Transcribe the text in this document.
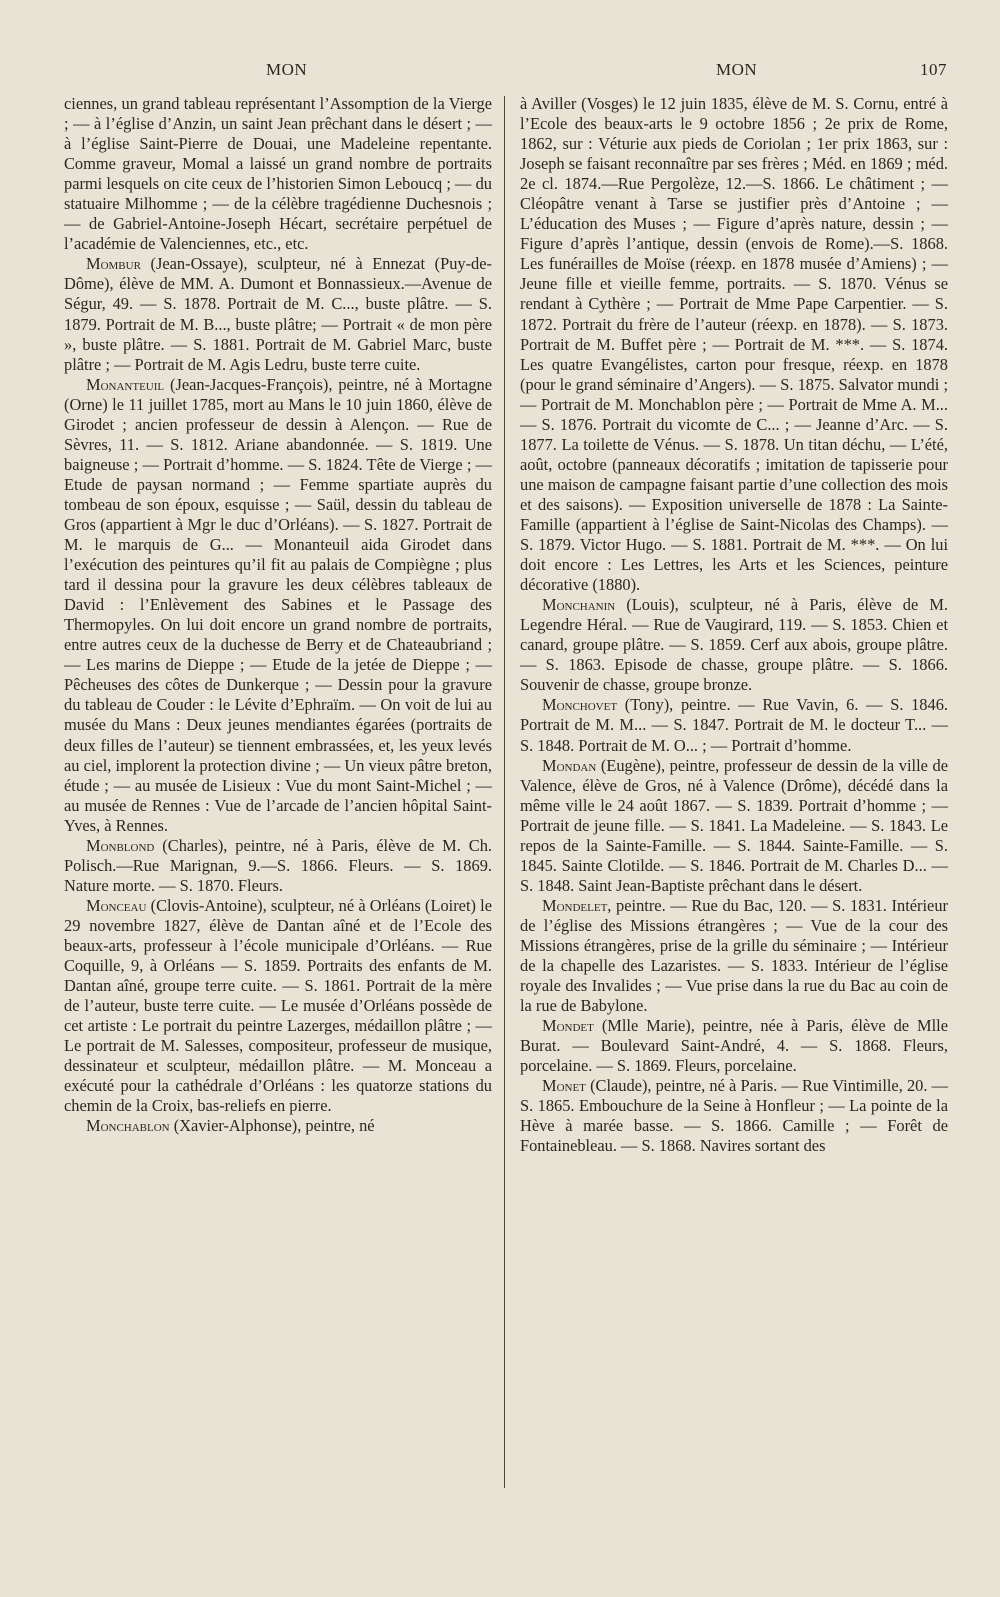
MON	MON	107

ciennes, un grand tableau représentant l’Assomption de la Vierge ; — à l’église d’Anzin, un saint Jean prêchant dans le désert ; — à l’église Saint-Pierre de Douai, une Madeleine repentante. Comme graveur, Momal a laissé un grand nombre de portraits parmi lesquels on cite ceux de l’historien Simon Leboucq ; — du statuaire Milhomme ; — de la célèbre tragédienne Duchesnois ; — de Gabriel-Antoine-Joseph Hécart, secrétaire perpétuel de l’académie de Valenciennes, etc., etc.

Mombur (Jean-Ossaye), sculpteur, né à Ennezat (Puy-de-Dôme), élève de MM. A. Dumont et Bonnassieux.—Avenue de Ségur, 49. — S. 1878. Portrait de M. C..., buste plâtre. — S. 1879. Portrait de M. B..., buste plâtre; — Portrait « de mon père », buste plâtre. — S. 1881. Portrait de M. Gabriel Marc, buste plâtre ; — Portrait de M. Agis Ledru, buste terre cuite.

Monanteuil (Jean-Jacques-François), peintre, né à Mortagne (Orne) le 11 juillet 1785, mort au Mans le 10 juin 1860, élève de Girodet ; ancien professeur de dessin à Alençon. — Rue de Sèvres, 11. — S. 1812. Ariane abandonnée. — S. 1819. Une baigneuse ; — Portrait d’homme. — S. 1824. Tête de Vierge ; — Etude de paysan normand ; — Femme spartiate auprès du tombeau de son époux, esquisse ; — Saül, dessin du tableau de Gros (appartient à Mgr le duc d’Orléans). — S. 1827. Portrait de M. le marquis de G... — Monanteuil aida Girodet dans l’exécution des peintures qu’il fit au palais de Compiègne ; plus tard il dessina pour la gravure les deux célèbres tableaux de David : l’Enlèvement des Sabines et le Passage des Thermopyles. On lui doit encore un grand nombre de portraits, entre autres ceux de la duchesse de Berry et de Chateaubriand ; — Les marins de Dieppe ; — Etude de la jetée de Dieppe ; — Pêcheuses des côtes de Dunkerque ; — Dessin pour la gravure du tableau de Couder : le Lévite d’Ephraïm. — On voit de lui au musée du Mans : Deux jeunes mendiantes égarées (portraits de deux filles de l’auteur) se tiennent embrassées, et, les yeux levés au ciel, implorent la protection divine ; — Un vieux pâtre breton, étude ; — au musée de Lisieux : Vue du mont Saint-Michel ; — au musée de Rennes : Vue de l’arcade de l’ancien hôpital Saint-Yves, à Rennes.

Monblond (Charles), peintre, né à Paris, élève de M. Ch. Polisch.—Rue Marignan, 9.—S. 1866. Fleurs. — S. 1869. Nature morte. — S. 1870. Fleurs.

Monceau (Clovis-Antoine), sculpteur, né à Orléans (Loiret) le 29 novembre 1827, élève de Dantan aîné et de l’Ecole des beaux-arts, professeur à l’école municipale d’Orléans. — Rue Coquille, 9, à Orléans — S. 1859. Portraits des enfants de M. Dantan aîné, groupe terre cuite. — S. 1861. Portrait de la mère de l’auteur, buste terre cuite. — Le musée d’Orléans possède de cet artiste : Le portrait du peintre Lazerges, médaillon plâtre ; — Le portrait de M. Salesses, compositeur, professeur de musique, dessinateur et sculpteur, médaillon plâtre. — M. Monceau a exécuté pour la cathédrale d’Orléans : les quatorze stations du chemin de la Croix, bas-reliefs en pierre.

Monchablon (Xavier-Alphonse), peintre, né

à Aviller (Vosges) le 12 juin 1835, élève de M. S. Cornu, entré à l’Ecole des beaux-arts le 9 octobre 1856 ; 2e prix de Rome, 1862, sur : Véturie aux pieds de Coriolan ; 1er prix 1863, sur : Joseph se faisant reconnaître par ses frères ; Méd. en 1869 ; méd. 2e cl. 1874.—Rue Pergolèze, 12.—S. 1866. Le châtiment ; — Cléopâtre venant à Tarse se justifier près d’Antoine ; — L’éducation des Muses ; — Figure d’après nature, dessin ; — Figure d’après l’antique, dessin (envois de Rome).—S. 1868. Les funérailles de Moïse (réexp. en 1878 musée d’Amiens) ; — Jeune fille et vieille femme, portraits. — S. 1870. Vénus se rendant à Cythère ; — Portrait de Mme Pape Carpentier. — S. 1872. Portrait du frère de l’auteur (réexp. en 1878). — S. 1873. Portrait de M. Buffet père ; — Portrait de M. ***. — S. 1874. Les quatre Evangélistes, carton pour fresque, réexp. en 1878 (pour le grand séminaire d’Angers). — S. 1875. Salvator mundi ; — Portrait de M. Monchablon père ; — Portrait de Mme A. M... — S. 1876. Portrait du vicomte de C... ; — Jeanne d’Arc. — S. 1877. La toilette de Vénus. — S. 1878. Un titan déchu, — L’été, août, octobre (panneaux décoratifs ; imitation de tapisserie pour une maison de campagne faisant partie d’une collection des mois et des saisons). — Exposition universelle de 1878 : La Sainte-Famille (appartient à l’église de Saint-Nicolas des Champs). — S. 1879. Victor Hugo. — S. 1881. Portrait de M. ***. — On lui doit encore : Les Lettres, les Arts et les Sciences, peinture décorative (1880).

Monchanin (Louis), sculpteur, né à Paris, élève de M. Legendre Héral. — Rue de Vaugirard, 119. — S. 1853. Chien et canard, groupe plâtre. — S. 1859. Cerf aux abois, groupe plâtre. — S. 1863. Episode de chasse, groupe plâtre. — S. 1866. Souvenir de chasse, groupe bronze.

Monchovet (Tony), peintre. — Rue Vavin, 6. — S. 1846. Portrait de M. M... — S. 1847. Portrait de M. le docteur T... — S. 1848. Portrait de M. O... ; — Portrait d’homme.

Mondan (Eugène), peintre, professeur de dessin de la ville de Valence, élève de Gros, né à Valence (Drôme), décédé dans la même ville le 24 août 1867. — S. 1839. Portrait d’homme ; — Portrait de jeune fille. — S. 1841. La Madeleine. — S. 1843. Le repos de la Sainte-Famille. — S. 1844. Sainte-Famille. — S. 1845. Sainte Clotilde. — S. 1846. Portrait de M. Charles D... — S. 1848. Saint Jean-Baptiste prêchant dans le désert.

Mondelet, peintre. — Rue du Bac, 120. — S. 1831. Intérieur de l’église des Missions étrangères ; — Vue de la cour des Missions étrangères, prise de la grille du séminaire ; — Intérieur de la chapelle des Lazaristes. — S. 1833. Intérieur de l’église royale des Invalides ; — Vue prise dans la rue du Bac au coin de la rue de Babylone.

Mondet (Mlle Marie), peintre, née à Paris, élève de Mlle Burat. — Boulevard Saint-André, 4. — S. 1868. Fleurs, porcelaine. — S. 1869. Fleurs, porcelaine.

Monet (Claude), peintre, né à Paris. — Rue Vintimille, 20. — S. 1865. Embouchure de la Seine à Honfleur ; — La pointe de la Hève à marée basse. — S. 1866. Camille ; — Forêt de Fontainebleau. — S. 1868. Navires sortant des
